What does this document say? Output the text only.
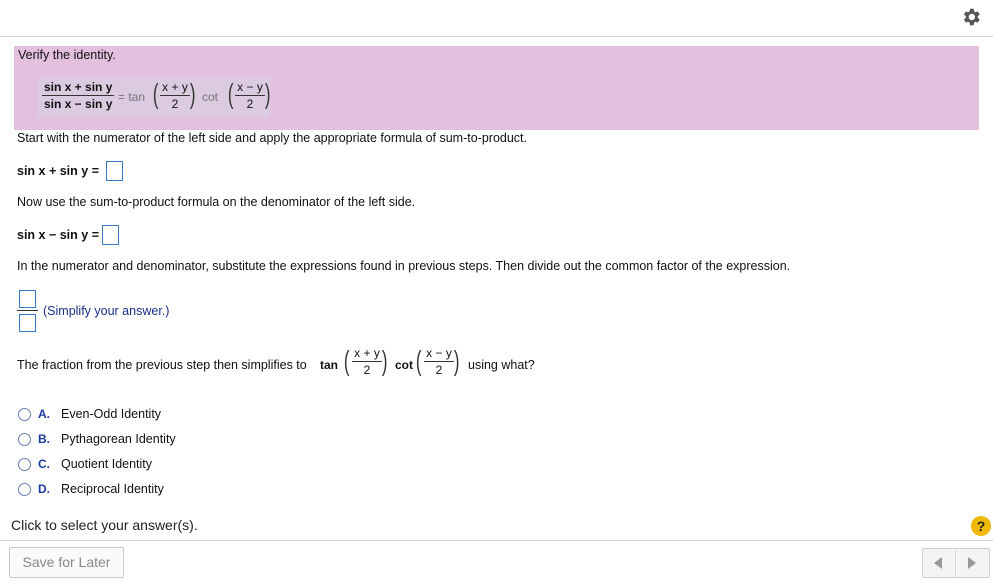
Verify the identity.
$\frac{\text{sin x + sin y}}{\text{sin x − sin y}} = \tan$ ( $\frac{x + y}{2}$ ) cot ( $\frac{x - y}{2}$ )
Start with the numerator of the left side and apply the appropriate formula of sum-to-product.
sin x + sin y =
Now use the sum-to-product formula on the denominator of the left side.
sin x − sin y =
In the numerator and denominator, substitute the expressions found in previous steps. Then divide out the common factor of the expression.
(Simplify your answer.)
The fraction from the previous step then simplifies to tan ( $\frac{x + y}{2}$ ) cot ( $\frac{x - y}{2}$ ) using what?
A. Even-Odd Identity
B. Pythagorean Identity
C. Quotient Identity
D. Reciprocal Identity
Click to select your answer(s).	?
Save for Later
